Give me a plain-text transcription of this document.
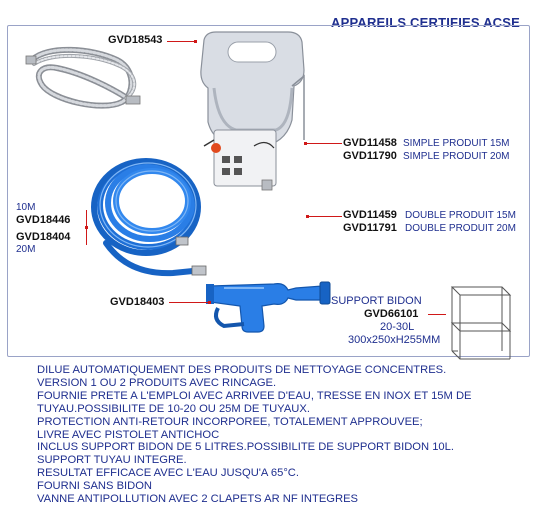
APPAREILS CERTIFIES ACSE
GVD18543
GVD11458 SIMPLE PRODUIT 15M
GVD11790 SIMPLE PRODUIT 20M
GVD11459 DOUBLE PRODUIT 15M
GVD11791 DOUBLE PRODUIT 20M
10M
GVD18446
GVD18404
20M
GVD18403	SUPPORT BIDON
GVD66101
20-30L
300x250xH255MM
DILUE AUTOMATIQUEMENT DES PRODUITS DE NETTOYAGE CONCENTRES.
VERSION 1 OU 2 PRODUITS AVEC RINCAGE.
FOURNIE PRETE A L'EMPLOI AVEC ARRIVEE D'EAU, TRESSE EN INOX ET 15M DE
TUYAU.POSSIBILITE DE 10-20 OU 25M DE TUYAUX.
PROTECTION ANTI-RETOUR INCORPOREE, TOTALEMENT APPROUVEE;
LIVRE AVEC PISTOLET ANTICHOC
INCLUS SUPPORT BIDON DE 5 LITRES.POSSIBILITE DE SUPPORT BIDON 10L.
SUPPORT TUYAU INTEGRE.
RESULTAT EFFICACE AVEC L'EAU JUSQU'A 65°C.
FOURNI SANS BIDON
VANNE ANTIPOLLUTION AVEC 2 CLAPETS AR NF INTEGRES
